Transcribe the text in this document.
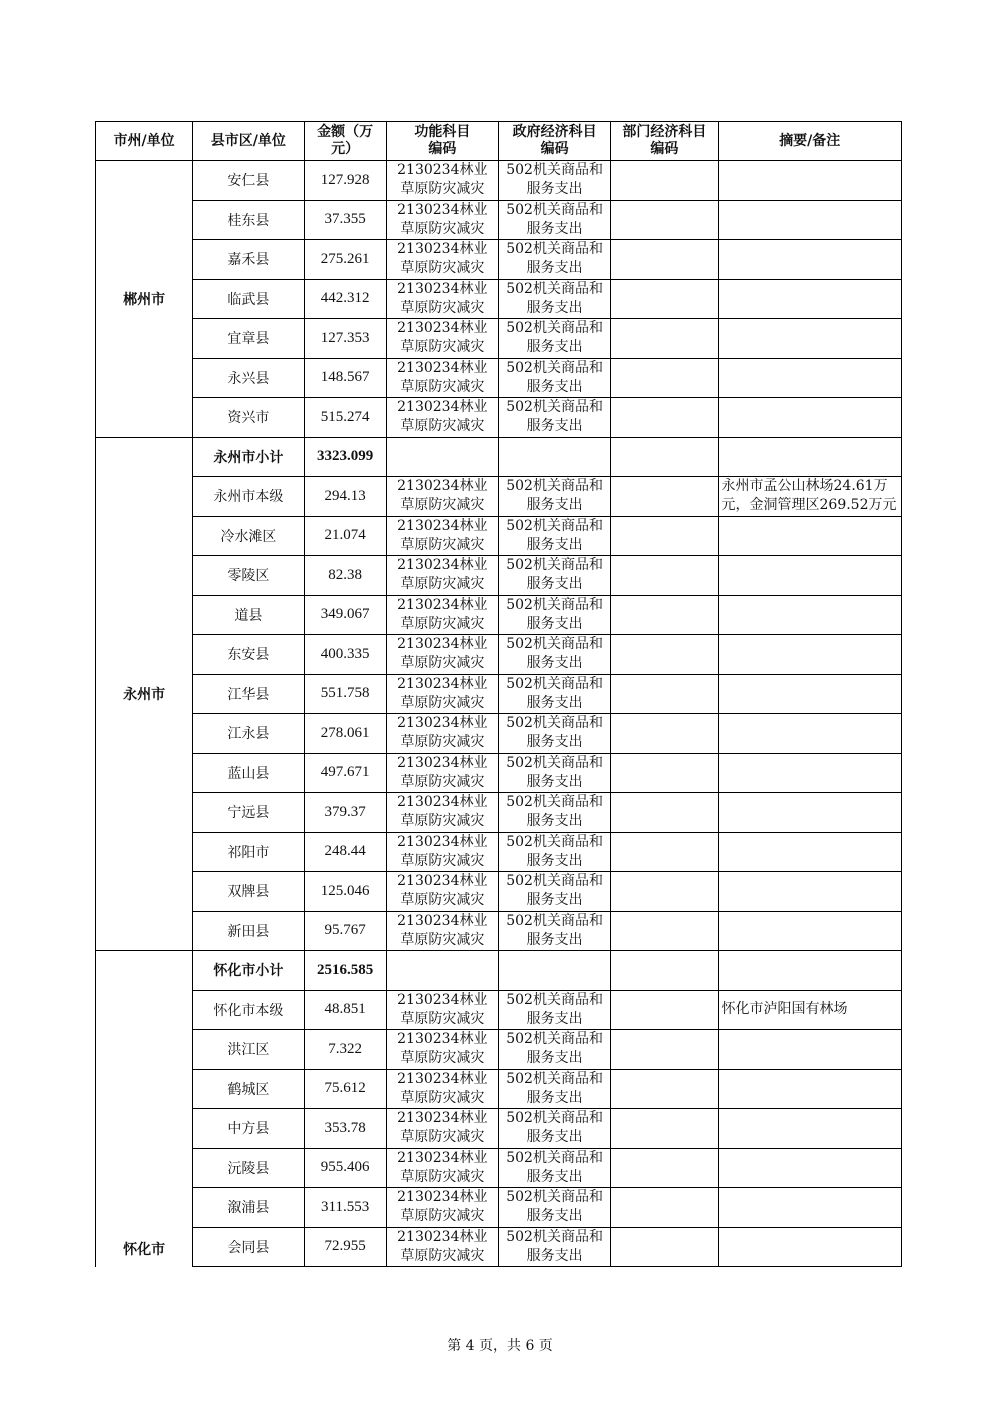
市州/单位	县市区/单位	金额（万元）	功能科目编码	政府经济科目编码	部门经济科目编码	摘要/备注
郴州市	安仁县	127.928	2130234林业草原防灾减灾	502机关商品和服务支出		
	桂东县	37.355	2130234林业草原防灾减灾	502机关商品和服务支出		
	嘉禾县	275.261	2130234林业草原防灾减灾	502机关商品和服务支出		
	临武县	442.312	2130234林业草原防灾减灾	502机关商品和服务支出		
	宜章县	127.353	2130234林业草原防灾减灾	502机关商品和服务支出		
	永兴县	148.567	2130234林业草原防灾减灾	502机关商品和服务支出		
	资兴市	515.274	2130234林业草原防灾减灾	502机关商品和服务支出		
永州市	永州市小计	3323.099				
	永州市本级	294.13	2130234林业草原防灾减灾	502机关商品和服务支出		永州市孟公山林场24.61万元，金洞管理区269.52万元
	冷水滩区	21.074	2130234林业草原防灾减灾	502机关商品和服务支出		
	零陵区	82.38	2130234林业草原防灾减灾	502机关商品和服务支出		
	道县	349.067	2130234林业草原防灾减灾	502机关商品和服务支出		
	东安县	400.335	2130234林业草原防灾减灾	502机关商品和服务支出		
	江华县	551.758	2130234林业草原防灾减灾	502机关商品和服务支出		
	江永县	278.061	2130234林业草原防灾减灾	502机关商品和服务支出		
	蓝山县	497.671	2130234林业草原防灾减灾	502机关商品和服务支出		
	宁远县	379.37	2130234林业草原防灾减灾	502机关商品和服务支出		
	祁阳市	248.44	2130234林业草原防灾减灾	502机关商品和服务支出		
	双牌县	125.046	2130234林业草原防灾减灾	502机关商品和服务支出		
	新田县	95.767	2130234林业草原防灾减灾	502机关商品和服务支出		
怀化市	怀化市小计	2516.585				
	怀化市本级	48.851	2130234林业草原防灾减灾	502机关商品和服务支出		怀化市泸阳国有林场
	洪江区	7.322	2130234林业草原防灾减灾	502机关商品和服务支出		
	鹤城区	75.612	2130234林业草原防灾减灾	502机关商品和服务支出		
	中方县	353.78	2130234林业草原防灾减灾	502机关商品和服务支出		
	沅陵县	955.406	2130234林业草原防灾减灾	502机关商品和服务支出		
	溆浦县	311.553	2130234林业草原防灾减灾	502机关商品和服务支出		
	会同县	72.955	2130234林业草原防灾减灾	502机关商品和服务支出		
第 4 页，共 6 页
